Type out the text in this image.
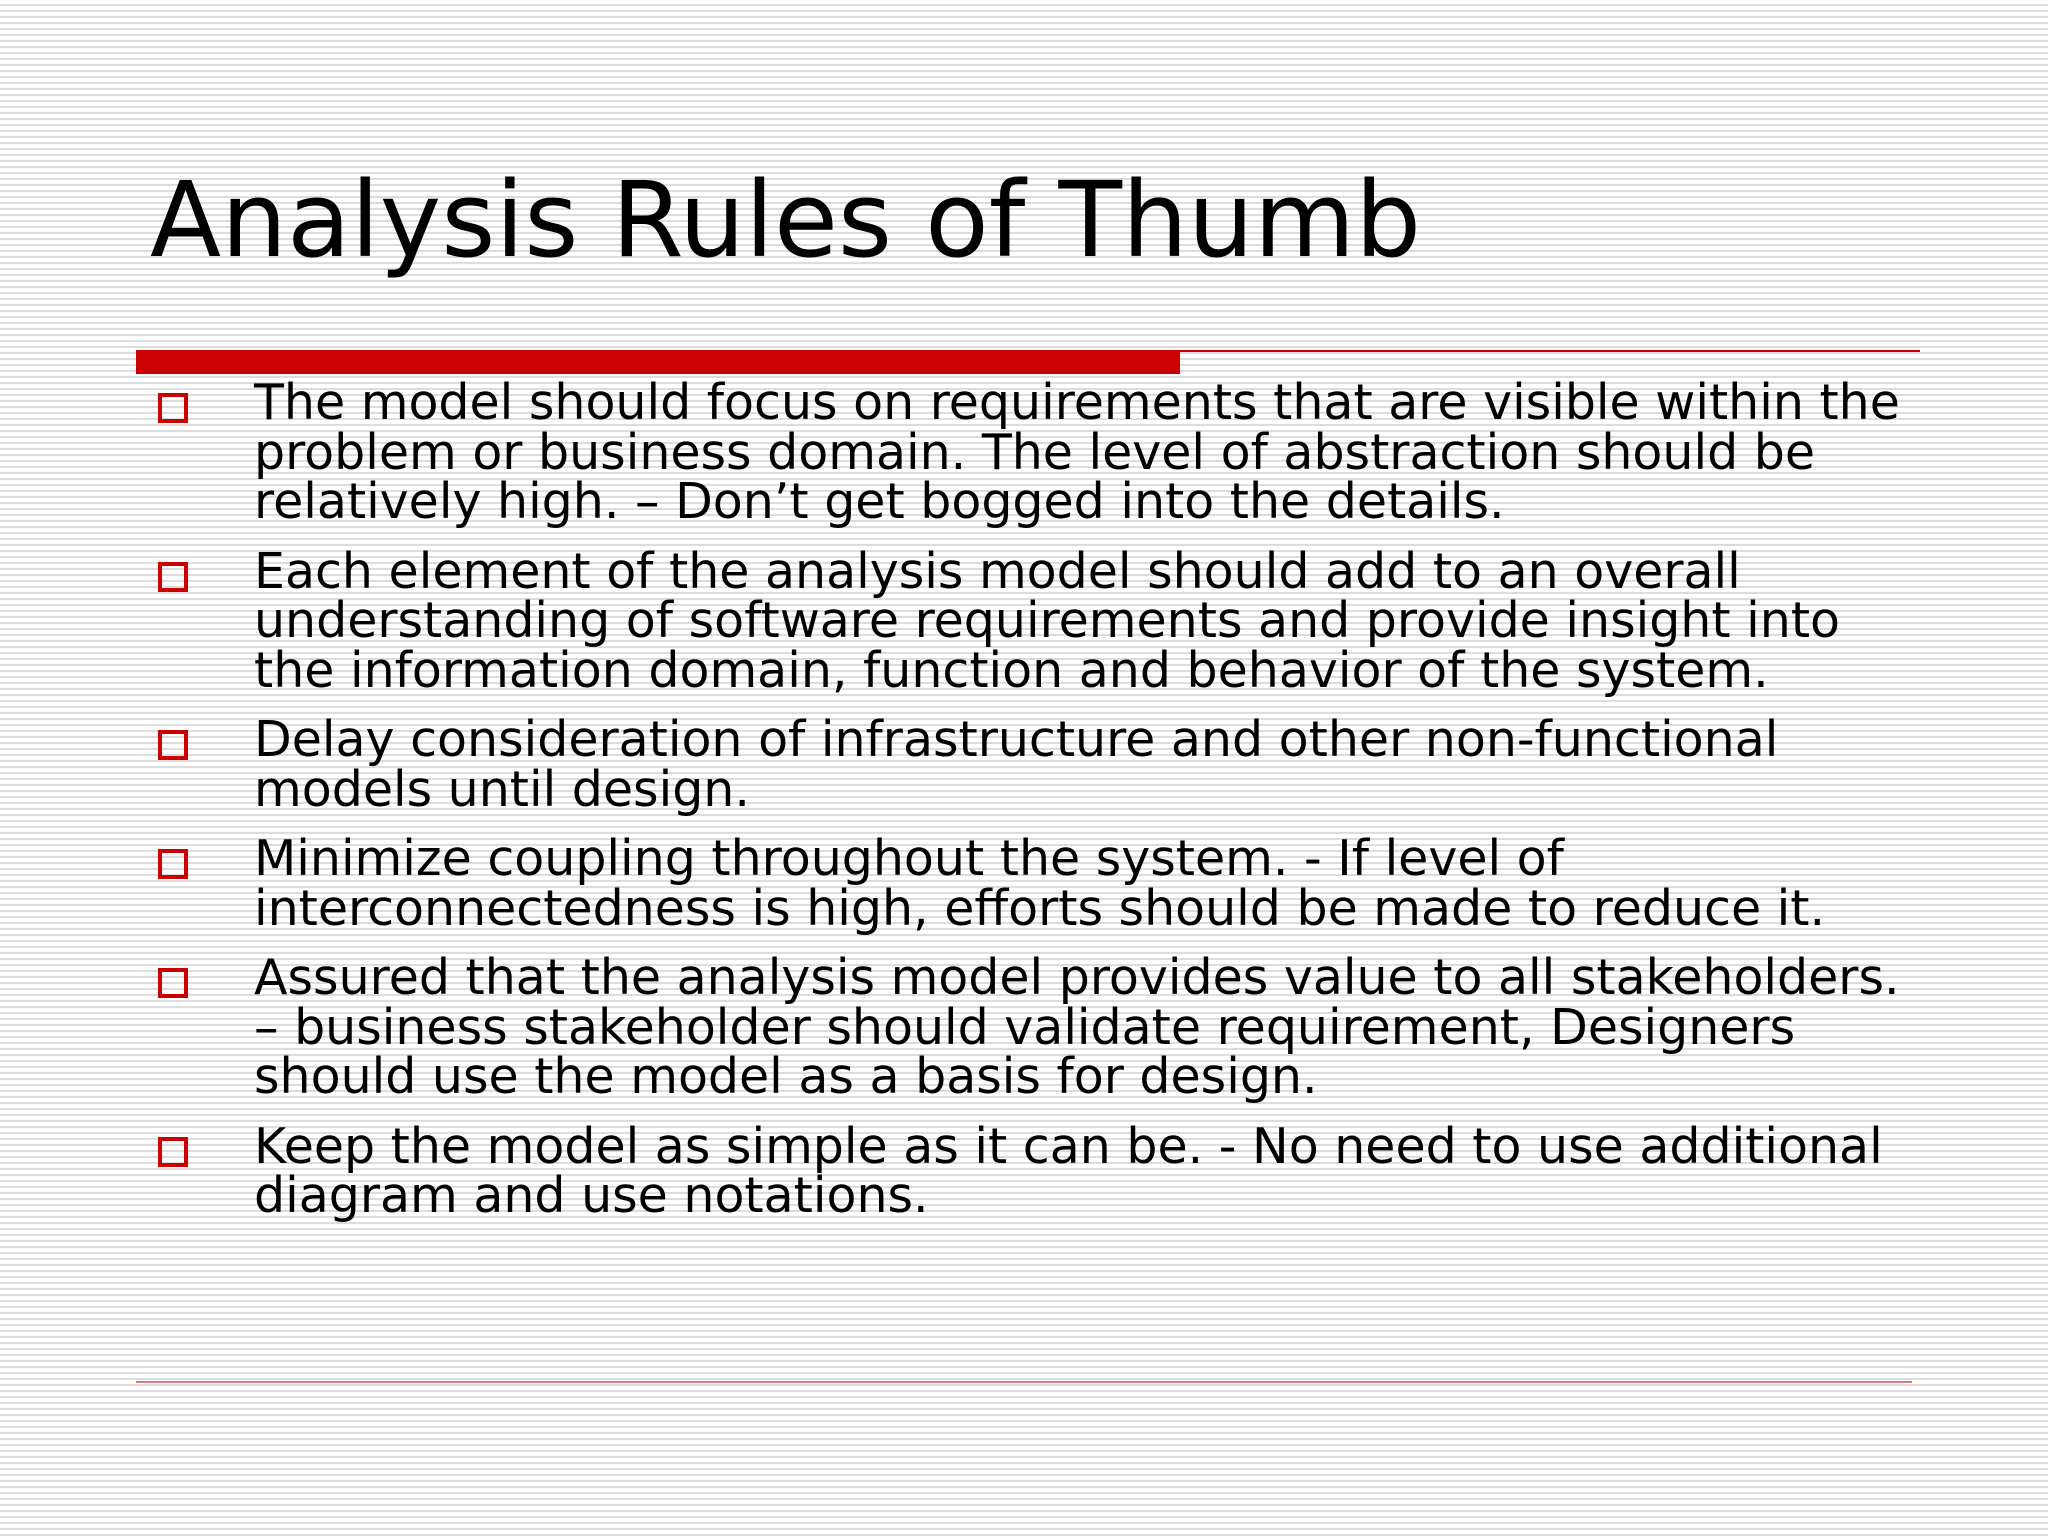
Analysis Rules of Thumb
The model should focus on requirements that are visible within the problem or business domain. The level of abstraction should be relatively high. – Don’t get bogged into the details.
Each element of the analysis model should add to an overall understanding of software requirements and provide insight into the information domain, function and behavior of the system.
Delay consideration of infrastructure and other non-functional models until design.
Minimize coupling throughout the system. - If level of interconnectedness is high, efforts should be made to reduce it.
Assured that the analysis model provides value to all stakeholders. – business stakeholder should validate requirement, Designers should use the model as a basis for design.
Keep the model as simple as it can be. - No need to use additional diagram and use notations.
